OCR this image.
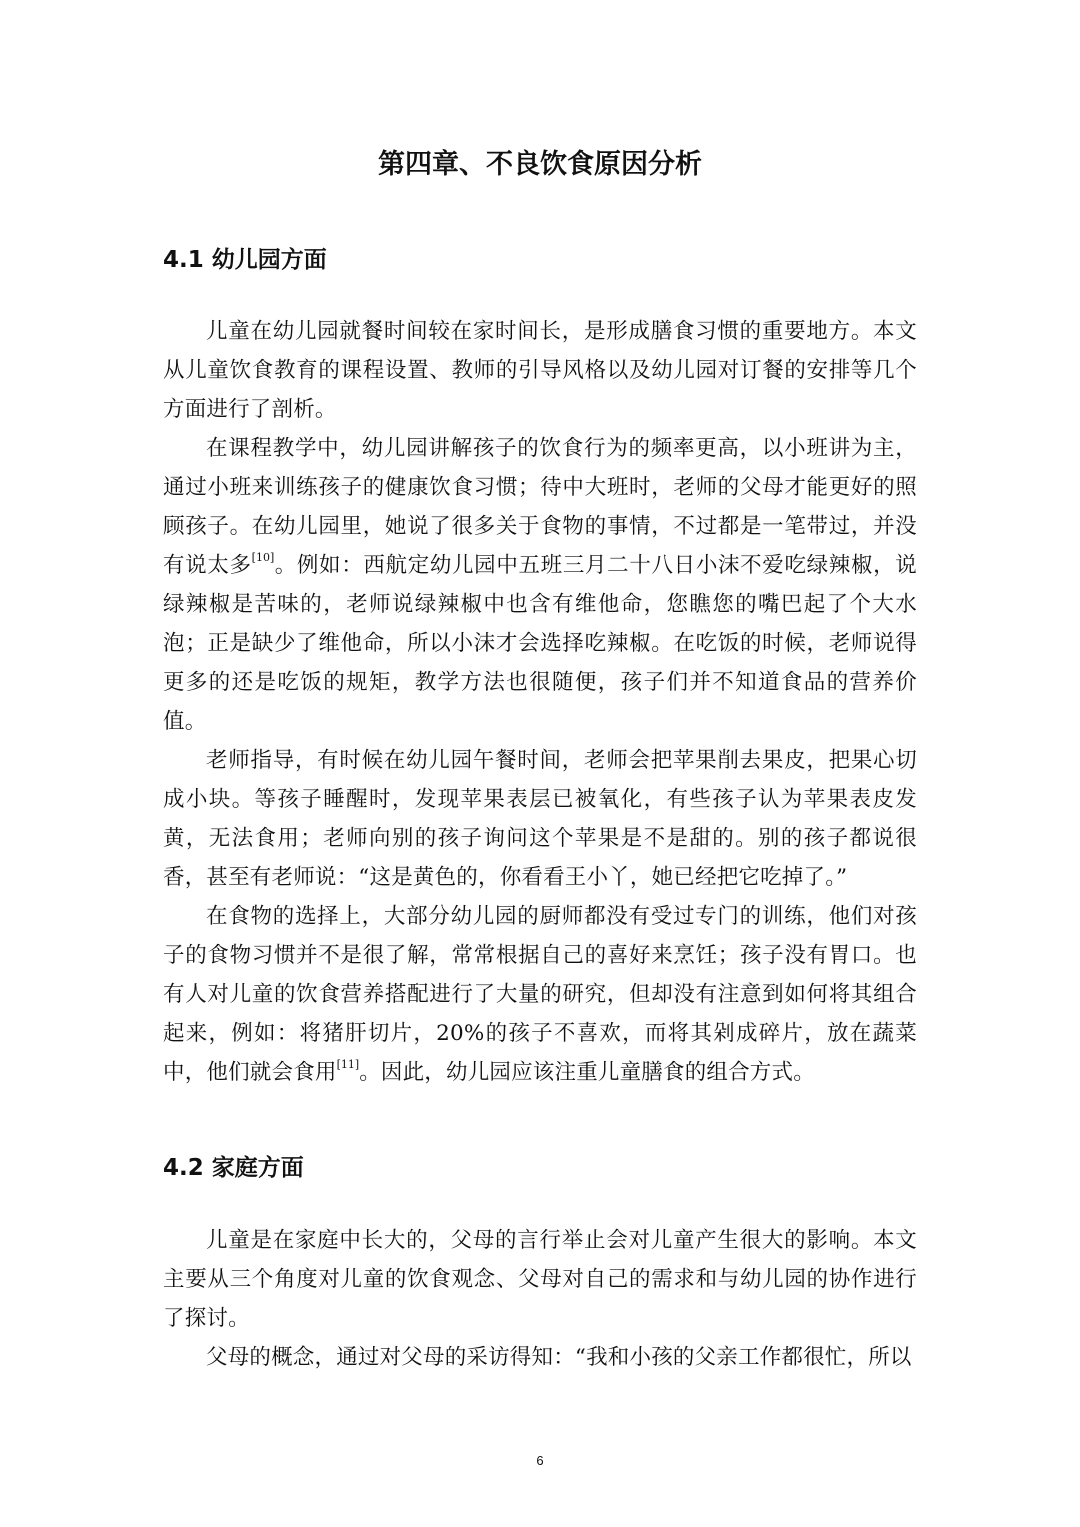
第四章、不良饮食原因分析
4.1 幼儿园方面

儿童在幼儿园就餐时间较在家时间长，是形成膳食习惯的重要地方。本文从儿童饮食教育的课程设置、教师的引导风格以及幼儿园对订餐的安排等几个方面进行了剖析。

在课程教学中，幼儿园讲解孩子的饮食行为的频率更高，以小班讲为主，通过小班来训练孩子的健康饮食习惯；待中大班时，老师的父母才能更好的照顾孩子。在幼儿园里，她说了很多关于食物的事情，不过都是一笔带过，并没有说太多[10]。例如：西航定幼儿园中五班三月二十八日小沫不爱吃绿辣椒，说绿辣椒是苦味的，老师说绿辣椒中也含有维他命，您瞧您的嘴巴起了个大水泡；正是缺少了维他命，所以小沫才会选择吃辣椒。在吃饭的时候，老师说得更多的还是吃饭的规矩，教学方法也很随便，孩子们并不知道食品的营养价值。

老师指导，有时候在幼儿园午餐时间，老师会把苹果削去果皮，把果心切成小块。等孩子睡醒时，发现苹果表层已被氧化，有些孩子认为苹果表皮发黄，无法食用；老师向别的孩子询问这个苹果是不是甜的。别的孩子都说很香，甚至有老师说：“这是黄色的，你看看王小丫，她已经把它吃掉了。”

在食物的选择上，大部分幼儿园的厨师都没有受过专门的训练，他们对孩子的食物习惯并不是很了解，常常根据自己的喜好来烹饪；孩子没有胃口。也有人对儿童的饮食营养搭配进行了大量的研究，但却没有注意到如何将其组合起来，例如：将猪肝切片，20%的孩子不喜欢，而将其剁成碎片，放在蔬菜中，他们就会食用[11]。因此，幼儿园应该注重儿童膳食的组合方式。

4.2 家庭方面

儿童是在家庭中长大的，父母的言行举止会对儿童产生很大的影响。本文主要从三个角度对儿童的饮食观念、父母对自己的需求和与幼儿园的协作进行了探讨。

父母的概念，通过对父母的采访得知：“我和小孩的父亲工作都很忙，所以

6
